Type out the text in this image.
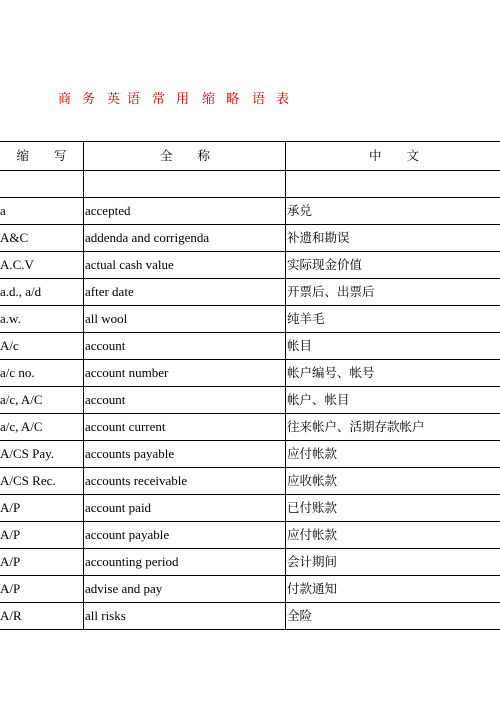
商 务 英 语 常 用 缩 略 语 表
缩　　写	全　　称	中　　文

a	accepted	承兑
A&C	addenda and corrigenda	补遗和勘误
A.C.V	actual cash value	实际现金价值
a.d., a/d	after date	开票后、出票后
a.w.	all wool	纯羊毛
A/c	account	帐目
a/c no.	account number	帐户编号、帐号
a/c, A/C	account	帐户、帐目
a/c, A/C	account current	往来帐户、活期存款帐户
A/CS Pay.	accounts payable	应付帐款
A/CS Rec.	accounts receivable	应收帐款
A/P	account paid	已付账款
A/P	account payable	应付帐款
A/P	accounting period	会计期间
A/P	advise and pay	付款通知
A/R	all risks	全险
